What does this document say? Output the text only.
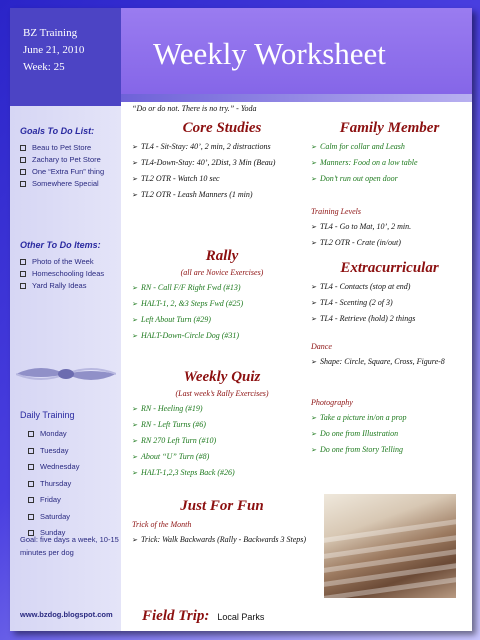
Weekly Worksheet
BZ Training
June 21, 2010
Week: 25
Goals To Do List:
Beau to Pet Store
Zachary to Pet Store
One “Extra Fun” thing
Somewhere Special
Other To Do Items:
Photo of the Week
Homeschooling Ideas
Yard Rally Ideas
Daily Training
Monday
Tuesday
Wednesday
Thursday
Friday
Saturday
Sunday
Goal: five days a week, 10-15 minutes per dog
www.bzdog.blogspot.com
“Do or do not. There is no try.” - Yoda
Core Studies
➢ TL4 - Sit-Stay: 40’, 2 min, 2 distractions
➢ TL4-Down-Stay: 40’, 2Dist, 3 Min (Beau)
➢ TL2 OTR - Watch 10 sec
➢ TL2 OTR - Leash Manners (1 min)
Rally
(all are Novice Exercises)
➢ RN - Call F/F Right Fwd (#13)
➢ HALT-1, 2, &3 Steps Fwd (#25)
➢ Left About Turn (#29)
➢ HALT-Down-Circle Dog (#31)
Weekly Quiz
(Last week’s Rally Exercises)
➢ RN - Heeling (#19)
➢ RN - Left Turns (#6)
➢ RN 270 Left Turn (#10)
➢ About “U” Turn (#8)
➢ HALT-1,2,3 Steps Back (#26)
Just For Fun
Trick of the Month
➢ Trick: Walk Backwards (Rally - Backwards 3 Steps)
Family Member
➢ Calm for collar and Leash
➢ Manners: Food on a low table
➢ Don’t run out open door
Training Levels
➢ TL4 - Go to Mat, 10’, 2 min.
➢ TL2 OTR - Crate (in/out)
Extracurricular
➢ TL4 - Contacts (stop at end)
➢ TL4 - Scenting (2 of 3)
➢ TL4 - Retrieve (hold) 2 things
Dance
➢ Shape: Circle, Square, Cross, Figure-8
Photography
➢ Take a picture in/on a prop
➢ Do one from Illustration
➢ Do one from Story Telling
Field Trip: Local Parks
